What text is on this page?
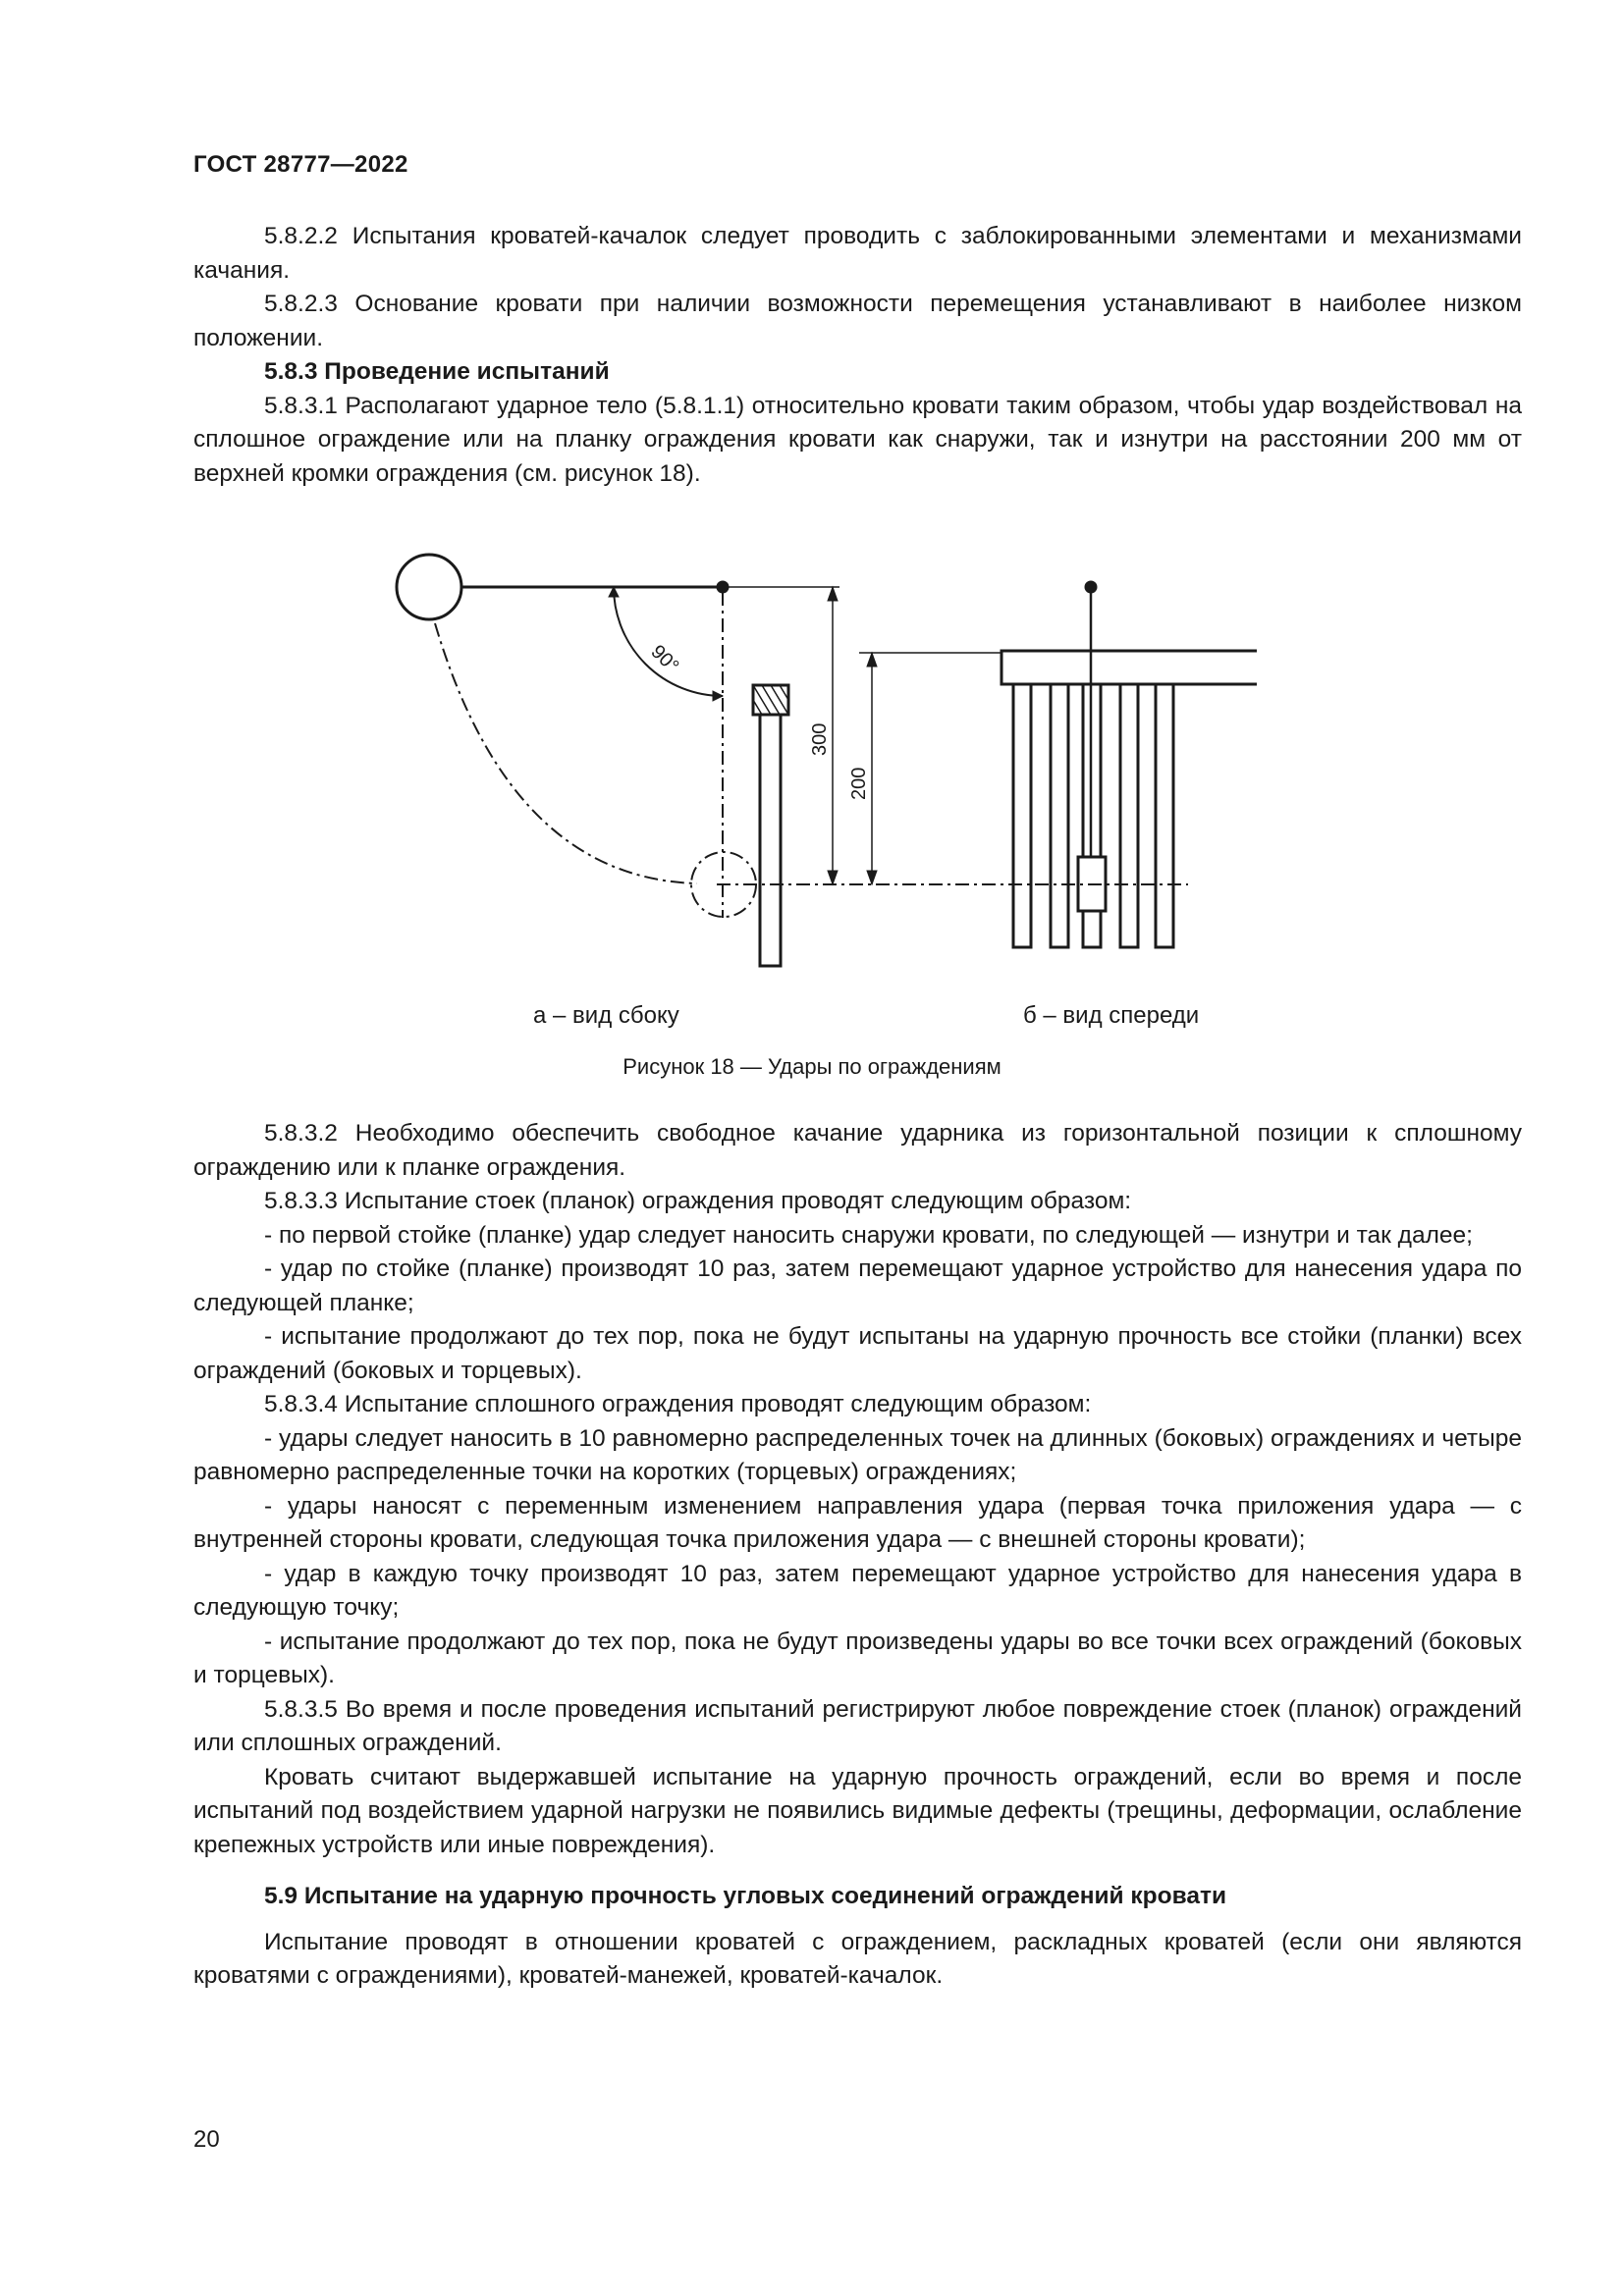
ГОСТ 28777—2022

5.8.2.2 Испытания кроватей-качалок следует проводить с заблокированными элементами и механизмами качания.

5.8.2.3 Основание кровати при наличии возможности перемещения устанавливают в наиболее низком положении.

5.8.3 Проведение испытаний

5.8.3.1 Располагают ударное тело (5.8.1.1) относительно кровати таким образом, чтобы удар воздействовал на сплошное ограждение или на планку ограждения кровати как снаружи, так и изнутри на расстоянии 200 мм от верхней кромки ограждения (см. рисунок 18).

90°
300
200
а – вид сбоку	б – вид спереди
Рисунок 18 — Удары по ограждениям

5.8.3.2 Необходимо обеспечить свободное качание ударника из горизонтальной позиции к сплошному ограждению или к планке ограждения.

5.8.3.3 Испытание стоек (планок) ограждения проводят следующим образом:

- по первой стойке (планке) удар следует наносить снаружи кровати, по следующей — изнутри и так далее;

- удар по стойке (планке) производят 10 раз, затем перемещают ударное устройство для нанесения удара по следующей планке;

- испытание продолжают до тех пор, пока не будут испытаны на ударную прочность все стойки (планки) всех ограждений (боковых и торцевых).

5.8.3.4 Испытание сплошного ограждения проводят следующим образом:

- удары следует наносить в 10 равномерно распределенных точек на длинных (боковых) ограждениях и четыре равномерно распределенные точки на коротких (торцевых) ограждениях;

- удары наносят с переменным изменением направления удара (первая точка приложения удара — с внутренней стороны кровати, следующая точка приложения удара — с внешней стороны кровати);

- удар в каждую точку производят 10 раз, затем перемещают ударное устройство для нанесения удара в следующую точку;

- испытание продолжают до тех пор, пока не будут произведены удары во все точки всех ограждений (боковых и торцевых).

5.8.3.5 Во время и после проведения испытаний регистрируют любое повреждение стоек (планок) ограждений или сплошных ограждений.

Кровать считают выдержавшей испытание на ударную прочность ограждений, если во время и после испытаний под воздействием ударной нагрузки не появились видимые дефекты (трещины, деформации, ослабление крепежных устройств или иные повреждения).

5.9 Испытание на ударную прочность угловых соединений ограждений кровати

Испытание проводят в отношении кроватей с ограждением, раскладных кроватей (если они являются кроватями с ограждениями), кроватей-манежей, кроватей-качалок.

20
